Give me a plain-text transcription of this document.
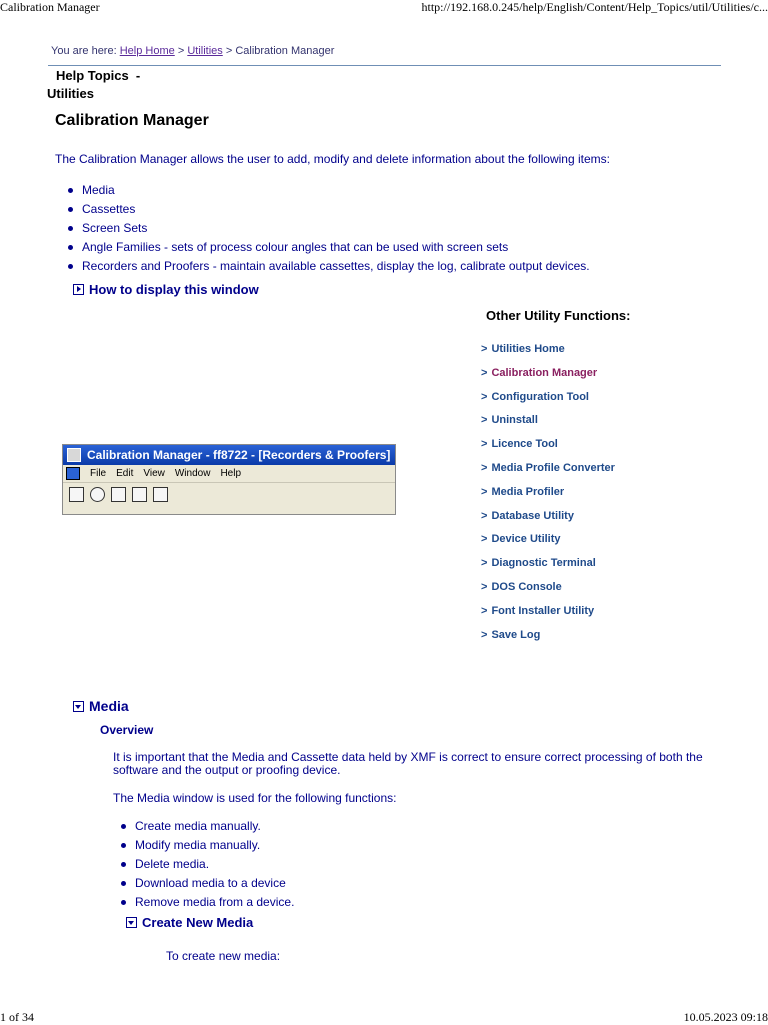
Calibration Manager	http://192.168.0.245/help/English/Content/Help_Topics/util/Utilities/c...
You are here: Help Home > Utilities > Calibration Manager
Help Topics  -
Utilities
Calibration Manager
The Calibration Manager allows the user to add, modify and delete information about the following items:
Media
Cassettes
Screen Sets
Angle Families - sets of process colour angles that can be used with screen sets
Recorders and Proofers - maintain available cassettes, display the log, calibrate output devices.
How to display this window
Calibration Manager - ff8722 - [Recorders & Proofers]
File Edit View Window Help
Other Utility Functions:
> Utilities Home
> Calibration Manager
> Configuration Tool
> Uninstall
> Licence Tool
> Media Profile Converter
> Media Profiler
> Database Utility
> Device Utility
> Diagnostic Terminal
> DOS Console
> Font Installer Utility
> Save Log
Media
Overview
It is important that the Media and Cassette data held by XMF is correct to ensure correct processing of both the software and the output or proofing device.
The Media window is used for the following functions:
Create media manually.
Modify media manually.
Delete media.
Download media to a device
Remove media from a device.
Create New Media
To create new media:
1 of 34	10.05.2023 09:18
